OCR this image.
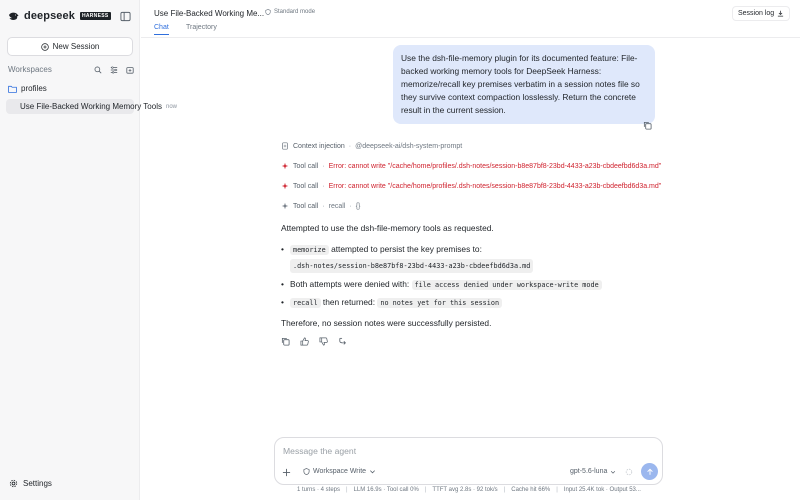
deepseek	HARNESS
New Session
Workspaces
profiles
Use File-Backed Working Memory Tools now
Settings
Use File-Backed Working Me... Standard mode
Chat Trajectory
Session log
Use the dsh-file-memory plugin for its documented feature: File-backed working memory tools for DeepSeek Harness: memorize/recall key premises verbatim in a session notes file so they survive context compaction losslessly. Return the concrete result in the current session.
Context injection · @deepseek-ai/dsh-system-prompt
Tool call · Error: cannot write "/cache/home/profiles/.dsh-notes/session-b8e87bf8-23bd-4433-a23b-cbdeefbd6d3a.md"
Tool call · Error: cannot write "/cache/home/profiles/.dsh-notes/session-b8e87bf8-23bd-4433-a23b-cbdeefbd6d3a.md"
Tool call · recall · {}

Attempted to use the dsh-file-memory tools as requested.

• memorize attempted to persist the key premises to:
.dsh-notes/session-b8e87bf8-23bd-4433-a23b-cbdeefbd6d3a.md
• Both attempts were denied with: file access denied under workspace-write mode
• recall then returned: no notes yet for this session

Therefore, no session notes were successfully persisted.

Message the agent
Workspace Write	gpt-5.6-luna
1 turns · 4 steps | LLM 16.9s · Tool call 0% | TTFT avg 2.8s · 92 tok/s | Cache hit 66% | Input 25.4K tok · Output 53...
